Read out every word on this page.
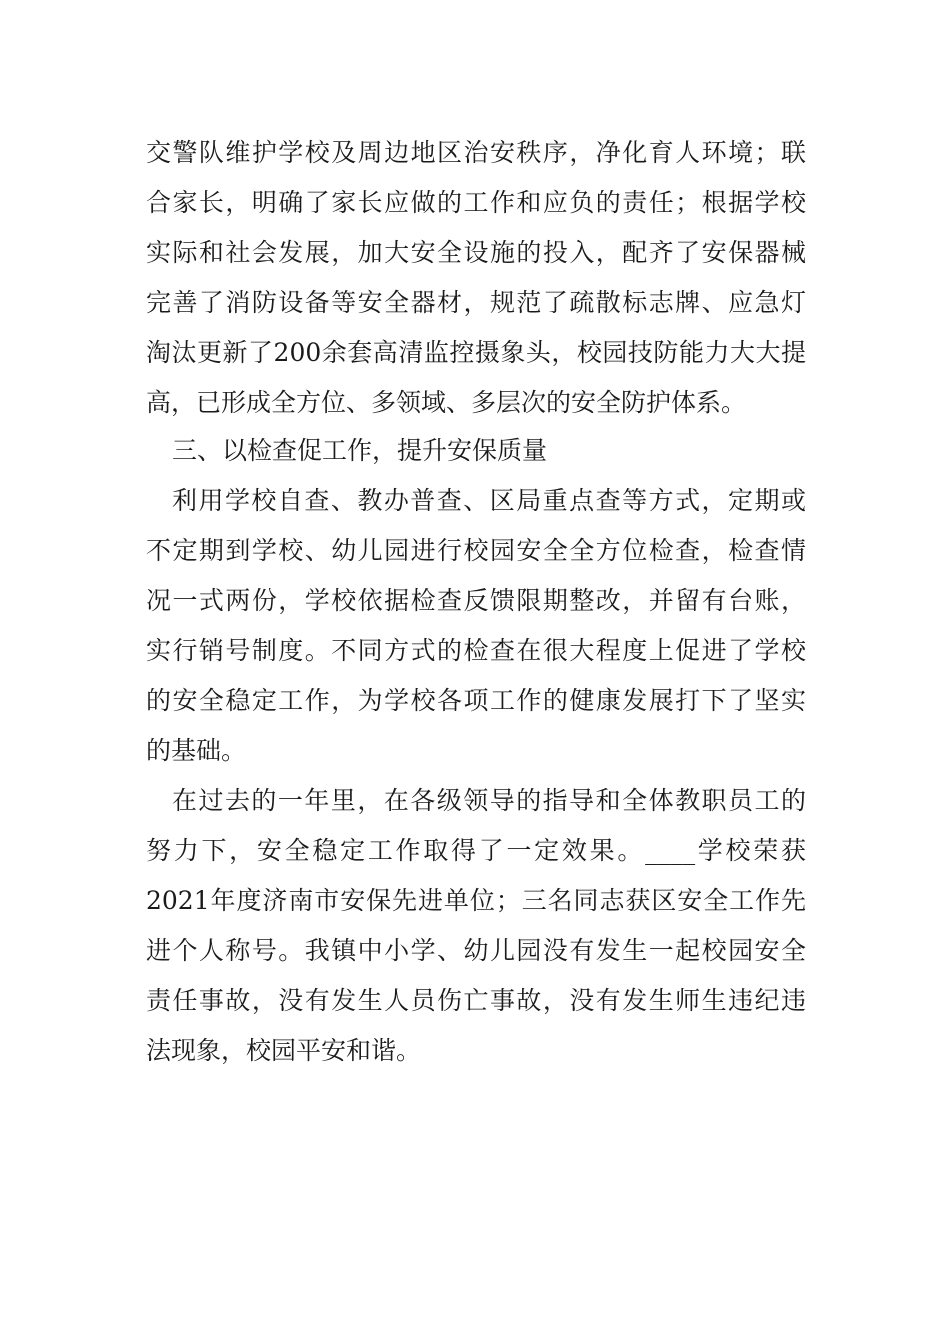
交警队维护学校及周边地区治安秩序，净化育人环境；联
合家长，明确了家长应做的工作和应负的责任；根据学校
实际和社会发展，加大安全设施的投入，配齐了安保器械
完善了消防设备等安全器材，规范了疏散标志牌、应急灯
淘汰更新了200余套高清监控摄象头，校园技防能力大大提
高，已形成全方位、多领域、多层次的安全防护体系。
三、以检查促工作，提升安保质量
利用学校自查、教办普查、区局重点查等方式，定期或
不定期到学校、幼儿园进行校园安全全方位检查，检查情
况一式两份，学校依据检查反馈限期整改，并留有台账，
实行销号制度。不同方式的检查在很大程度上促进了学校
的安全稳定工作，为学校各项工作的健康发展打下了坚实
的基础。
在过去的一年里，在各级领导的指导和全体教职员工的
努力下，安全稳定工作取得了一定效果。____学校荣获
2021年度济南市安保先进单位；三名同志获区安全工作先
进个人称号。我镇中小学、幼儿园没有发生一起校园安全
责任事故，没有发生人员伤亡事故，没有发生师生违纪违
法现象，校园平安和谐。
